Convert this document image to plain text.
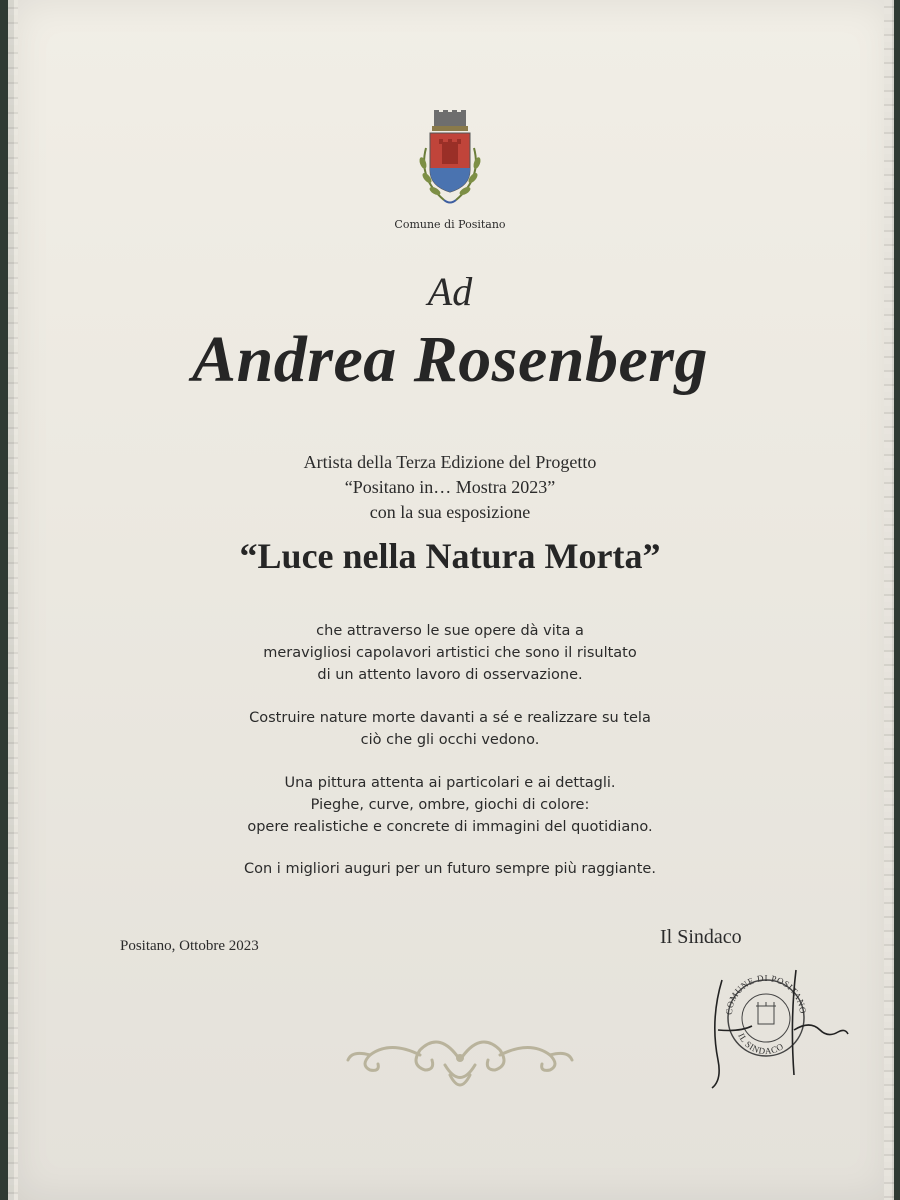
Comune di Positano
Ad
Andrea Rosenberg
Artista della Terza Edizione del Progetto
“Positano in… Mostra 2023”
con la sua esposizione
“Luce nella Natura Morta”
che attraverso le sue opere dà vita a
meravigliosi capolavori artistici che sono il risultato
di un attento lavoro di osservazione.
Costruire nature morte davanti a sé e realizzare su tela
ciò che gli occhi vedono.
Una pittura attenta ai particolari e ai dettagli.
Pieghe, curve, ombre, giochi di colore:
opere realistiche e concrete di immagini del quotidiano.
Con i migliori auguri per un futuro sempre più raggiante.
Positano, Ottobre 2023	Il Sindaco
COMUNE DI POSITANO
IL SINDACO
